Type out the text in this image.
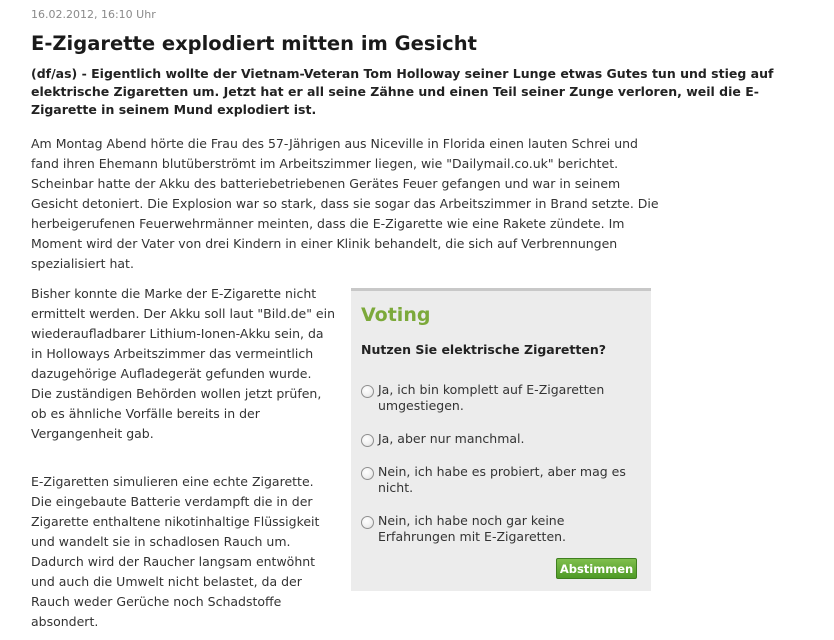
16.02.2012, 16:10 Uhr
E-Zigarette explodiert mitten im Gesicht

(df/as) - Eigentlich wollte der Vietnam-Veteran Tom Holloway seiner Lunge etwas Gutes tun und stieg auf elektrische Zigaretten um. Jetzt hat er all seine Zähne und einen Teil seiner Zunge verloren, weil die E-Zigarette in seinem Mund explodiert ist.

Am Montag Abend hörte die Frau des 57-Jährigen aus Niceville in Florida einen lauten Schrei und fand ihren Ehemann blutüberströmt im Arbeitszimmer liegen, wie "Dailymail.co.uk" berichtet. Scheinbar hatte der Akku des batteriebetriebenen Gerätes Feuer gefangen und war in seinem Gesicht detoniert. Die Explosion war so stark, dass sie sogar das Arbeitszimmer in Brand setzte. Die herbeigerufenen Feuerwehrmänner meinten, dass die E-Zigarette wie eine Rakete zündete. Im Moment wird der Vater von drei Kindern in einer Klinik behandelt, die sich auf Verbrennungen spezialisiert hat.

Bisher konnte die Marke der E-Zigarette nicht ermittelt werden. Der Akku soll laut "Bild.de" ein wiederaufladbarer Lithium-Ionen-Akku sein, da in Holloways Arbeitszimmer das vermeintlich dazugehörige Aufladegerät gefunden wurde. Die zuständigen Behörden wollen jetzt prüfen, ob es ähnliche Vorfälle bereits in der Vergangenheit gab.

E-Zigaretten simulieren eine echte Zigarette. Die eingebaute Batterie verdampft die in der Zigarette enthaltene nikotinhaltige Flüssigkeit und wandelt sie in schadlosen Rauch um. Dadurch wird der Raucher langsam entwöhnt und auch die Umwelt nicht belastet, da der Rauch weder Gerüche noch Schadstoffe absondert.

Voting
Nutzen Sie elektrische Zigaretten?
Ja, ich bin komplett auf E-Zigaretten umgestiegen.
Ja, aber nur manchmal.
Nein, ich habe es probiert, aber mag es nicht.
Nein, ich habe noch gar keine Erfahrungen mit E-Zigaretten.
Abstimmen
